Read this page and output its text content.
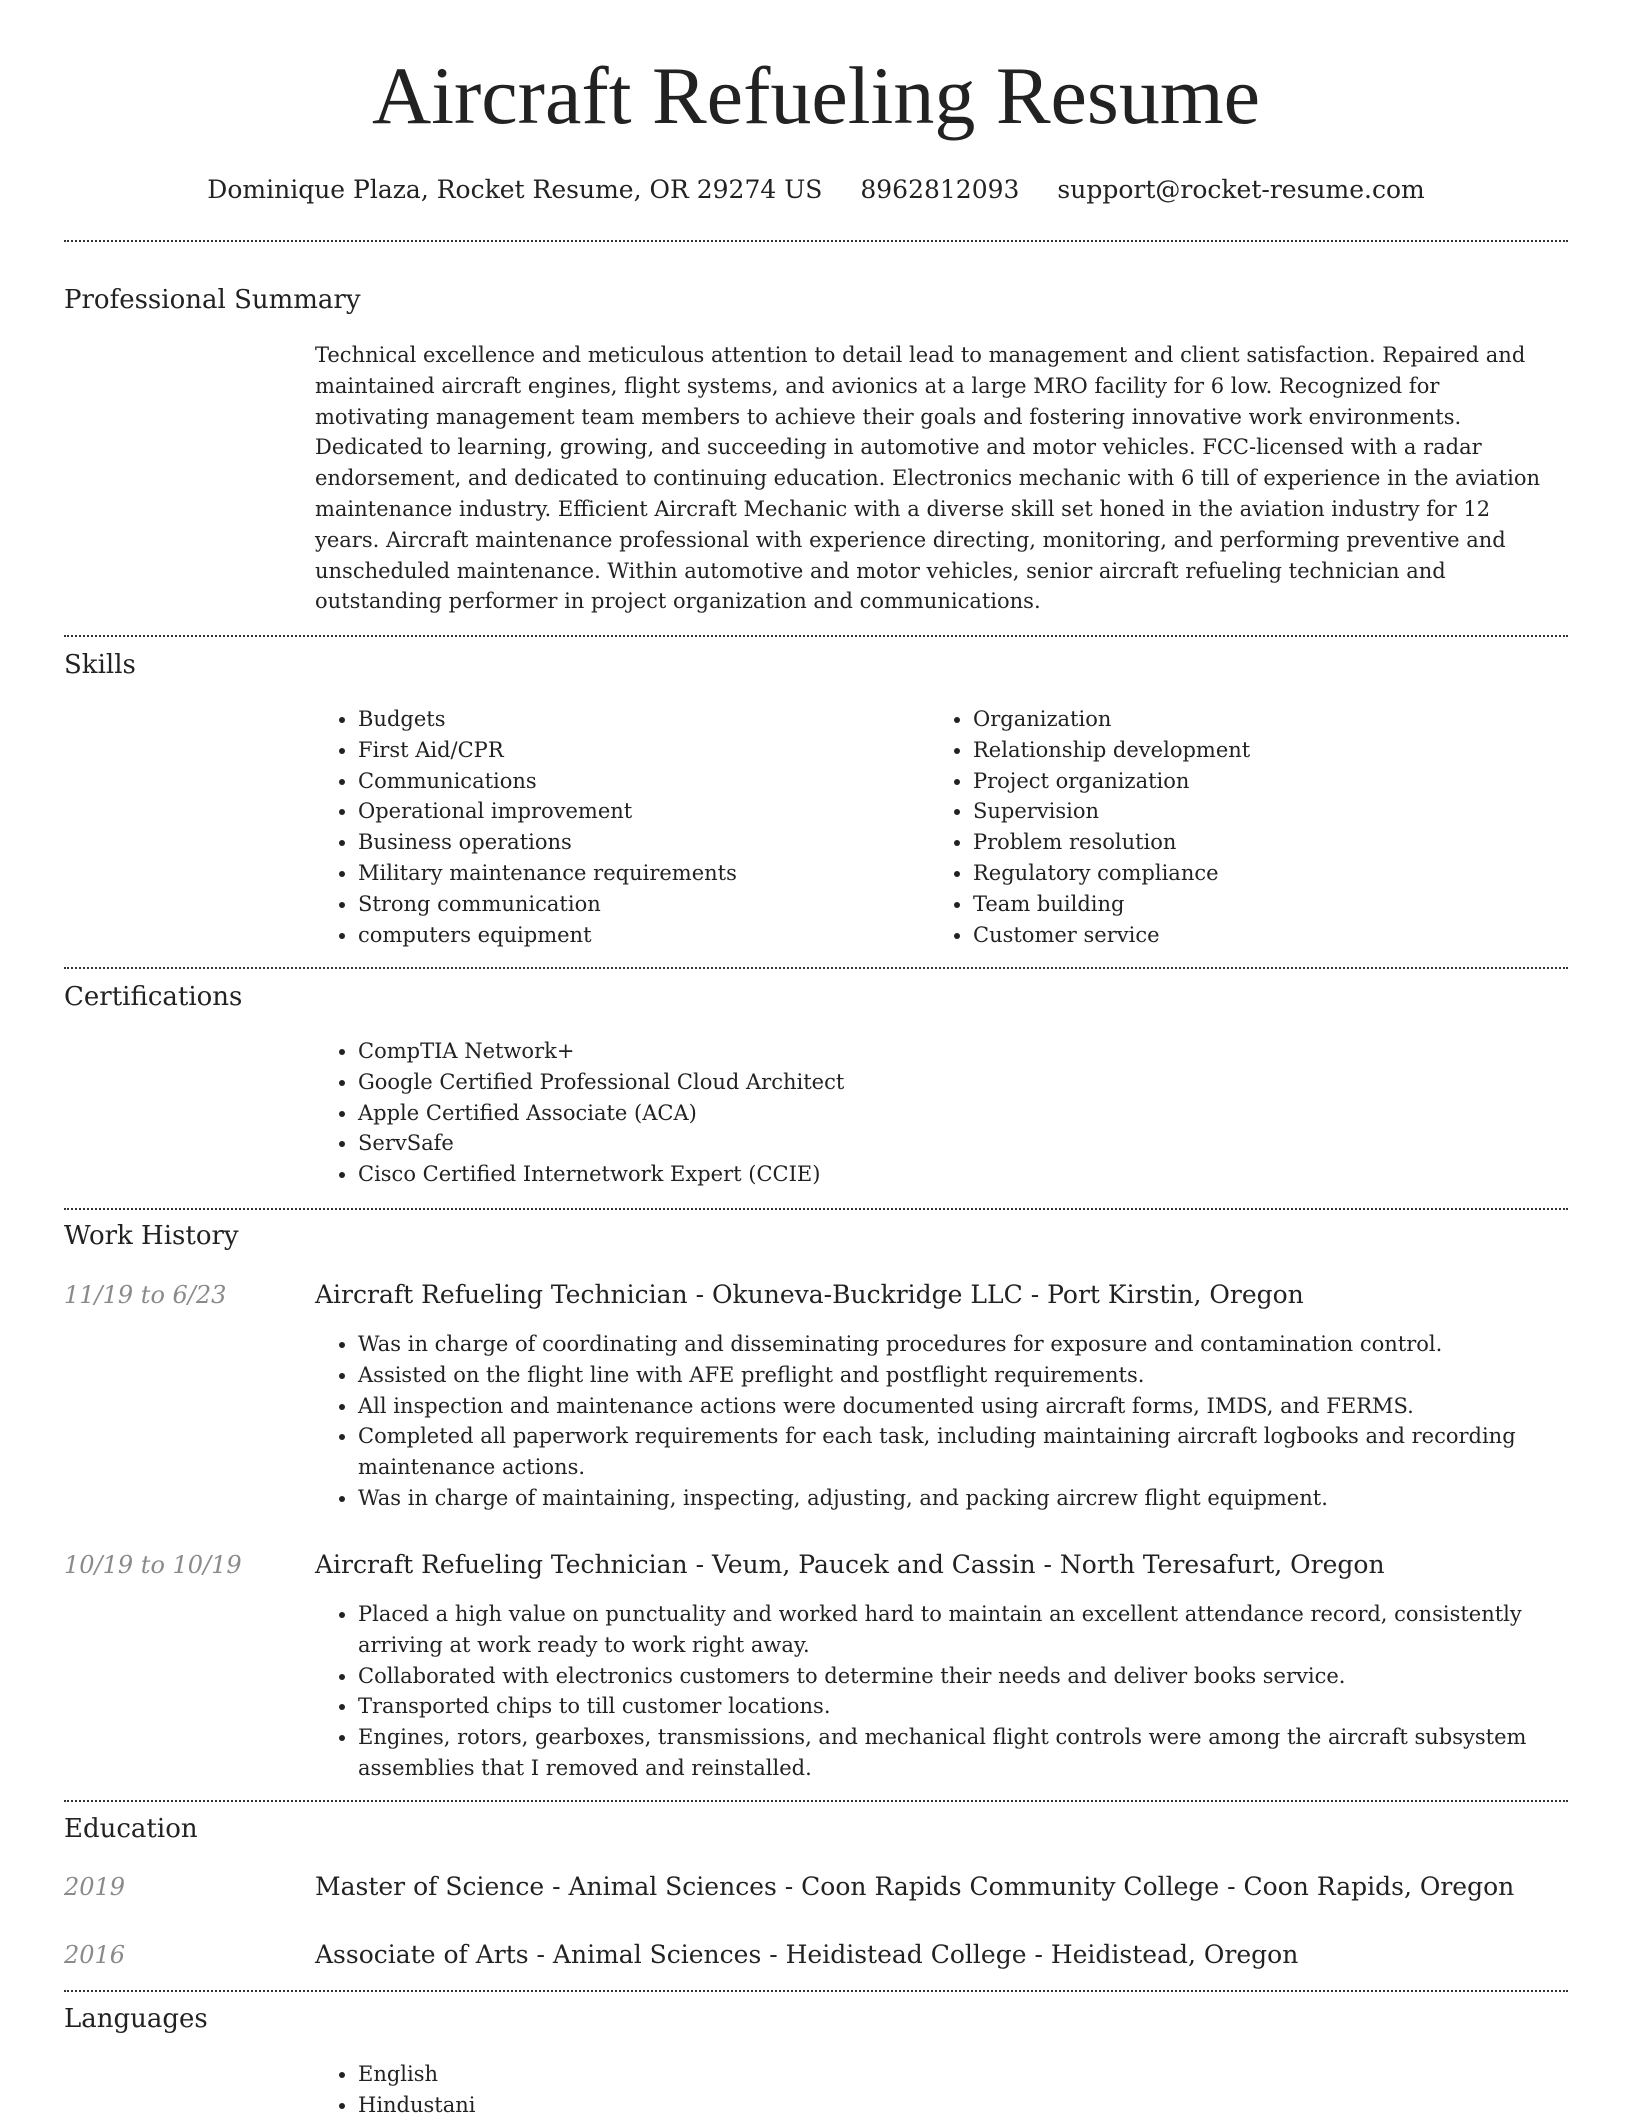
Aircraft Refueling Resume
Dominique Plaza, Rocket Resume, OR 29274 US 8962812093 support@rocket-resume.com
Professional Summary
Technical excellence and meticulous attention to detail lead to management and client satisfaction. Repaired and maintained aircraft engines, flight systems, and avionics at a large MRO facility for 6 low. Recognized for motivating management team members to achieve their goals and fostering innovative work environments. Dedicated to learning, growing, and succeeding in automotive and motor vehicles. FCC-licensed with a radar endorsement, and dedicated to continuing education. Electronics mechanic with 6 till of experience in the aviation maintenance industry. Efficient Aircraft Mechanic with a diverse skill set honed in the aviation industry for 12 years. Aircraft maintenance professional with experience directing, monitoring, and performing preventive and unscheduled maintenance. Within automotive and motor vehicles, senior aircraft refueling technician and outstanding performer in project organization and communications.
Skills
• Budgets
• First Aid/CPR
• Communications
• Operational improvement
• Business operations
• Military maintenance requirements
• Strong communication
• computers equipment
• Organization
• Relationship development
• Project organization
• Supervision
• Problem resolution
• Regulatory compliance
• Team building
• Customer service
Certifications
• CompTIA Network+
• Google Certified Professional Cloud Architect
• Apple Certified Associate (ACA)
• ServSafe
• Cisco Certified Internetwork Expert (CCIE)
Work History
11/19 to 6/23	Aircraft Refueling Technician - Okuneva-Buckridge LLC - Port Kirstin, Oregon
• Was in charge of coordinating and disseminating procedures for exposure and contamination control.
• Assisted on the flight line with AFE preflight and postflight requirements.
• All inspection and maintenance actions were documented using aircraft forms, IMDS, and FERMS.
• Completed all paperwork requirements for each task, including maintaining aircraft logbooks and recording maintenance actions.
• Was in charge of maintaining, inspecting, adjusting, and packing aircrew flight equipment.
10/19 to 10/19	Aircraft Refueling Technician - Veum, Paucek and Cassin - North Teresafurt, Oregon
• Placed a high value on punctuality and worked hard to maintain an excellent attendance record, consistently arriving at work ready to work right away.
• Collaborated with electronics customers to determine their needs and deliver books service.
• Transported chips to till customer locations.
• Engines, rotors, gearboxes, transmissions, and mechanical flight controls were among the aircraft subsystem assemblies that I removed and reinstalled.
Education
2019	Master of Science - Animal Sciences - Coon Rapids Community College - Coon Rapids, Oregon
2016	Associate of Arts - Animal Sciences - Heidistead College - Heidistead, Oregon
Languages
• English
• Hindustani
